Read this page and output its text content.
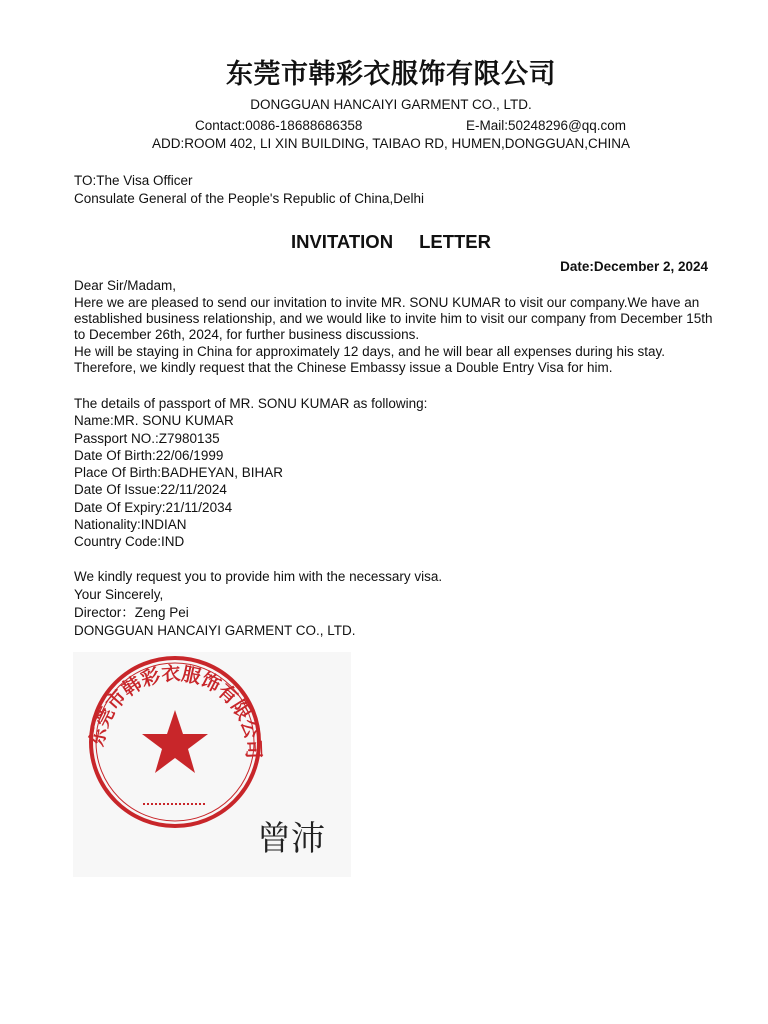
东莞市韩彩衣服饰有限公司
DONGGUAN HANCAIYI GARMENT CO., LTD.
Contact:0086-18688686358	E-Mail:50248296@qq.com
ADD:ROOM 402, LI XIN BUILDING, TAIBAO RD, HUMEN,DONGGUAN,CHINA
TO:The Visa Officer
Consulate General of the People's Republic of China,Delhi
INVITATION LETTER
Date:December 2, 2024
Dear Sir/Madam,
Here we are pleased to send our invitation to invite MR. SONU KUMAR to visit our company.We have an established business relationship, and we would like to invite him to visit our company from December 15th to December 26th, 2024, for further business discussions.
He will be staying in China for approximately 12 days, and he will bear all expenses during his stay. Therefore, we kindly request that the Chinese Embassy issue a Double Entry Visa for him.
The details of passport of MR. SONU KUMAR as following:
Name:MR. SONU KUMAR
Passport NO.:Z7980135
Date Of Birth:22/06/1999
Place Of Birth:BADHEYAN, BIHAR
Date Of Issue:22/11/2024
Date Of Expiry:21/11/2034
Nationality:INDIAN
Country Code:IND
We kindly request you to provide him with the necessary visa.
Your Sincerely,
Director：Zeng Pei
DONGGUAN HANCAIYI GARMENT CO., LTD.
东莞市韩彩衣服饰有限公司
曾沛
